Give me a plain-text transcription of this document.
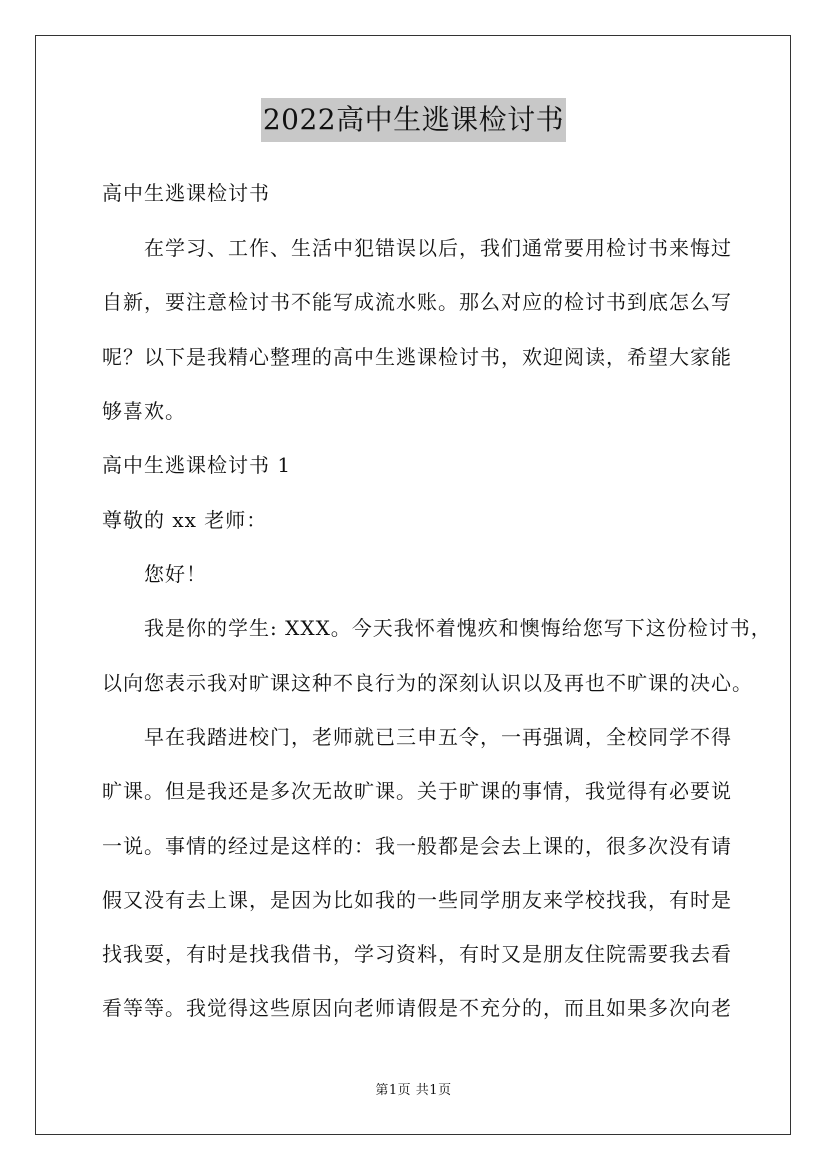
2022高中生逃课检讨书
高中生逃课检讨书
在学习、工作、生活中犯错误以后，我们通常要用检讨书来悔过
自新，要注意检讨书不能写成流水账。那么对应的检讨书到底怎么写
呢？以下是我精心整理的高中生逃课检讨书，欢迎阅读，希望大家能
够喜欢。
高中生逃课检讨书 1
尊敬的 xx 老师：
您好！
我是你的学生: XXX。今天我怀着愧疚和懊悔给您写下这份检讨书，
以向您表示我对旷课这种不良行为的深刻认识以及再也不旷课的决心。
早在我踏进校门，老师就已三申五令，一再强调，全校同学不得
旷课。但是我还是多次无故旷课。关于旷课的事情，我觉得有必要说
一说。事情的经过是这样的：我一般都是会去上课的，很多次没有请
假又没有去上课，是因为比如我的一些同学朋友来学校找我，有时是
找我耍，有时是找我借书，学习资料，有时又是朋友住院需要我去看
看等等。我觉得这些原因向老师请假是不充分的，而且如果多次向老
第1页 共1页
